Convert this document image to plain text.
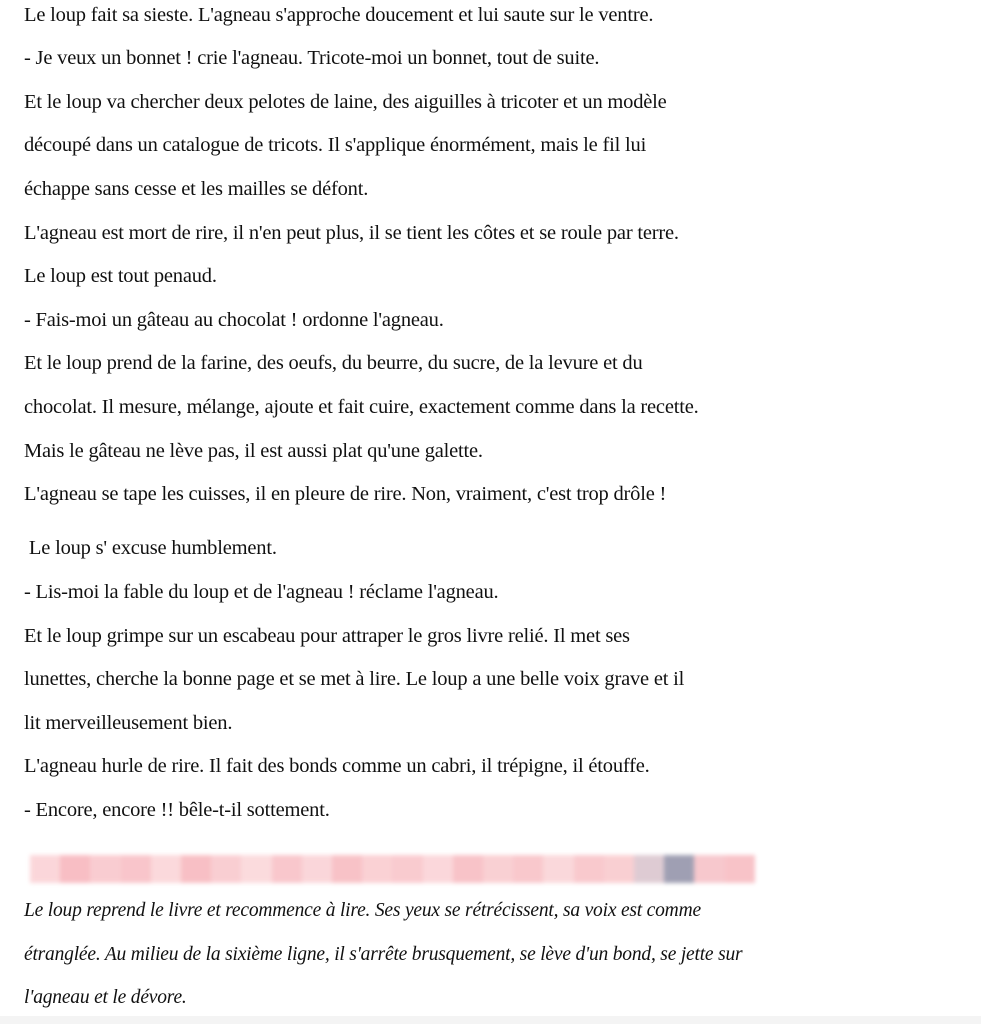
Le loup fait sa sieste. L'agneau s'approche doucement et lui saute sur le ventre.
- Je veux un bonnet ! crie l'agneau. Tricote-moi un bonnet, tout de suite.
Et le loup va chercher deux pelotes de laine, des aiguilles à tricoter et un modèle
découpé dans un catalogue de tricots. Il s'applique énormément, mais le fil lui
échappe sans cesse et les mailles se défont.
L'agneau est mort de rire, il n'en peut plus, il se tient les côtes et se roule par terre.
Le loup est tout penaud.
- Fais-moi un gâteau au chocolat ! ordonne l'agneau.
Et le loup prend de la farine, des oeufs, du beurre, du sucre, de la levure et du
chocolat. Il mesure, mélange, ajoute et fait cuire, exactement comme dans la recette.
Mais le gâteau ne lève pas, il est aussi plat qu'une galette.
L'agneau se tape les cuisses, il en pleure de rire. Non, vraiment, c'est trop drôle !
Le loup s' excuse humblement.
- Lis-moi la fable du loup et de l'agneau ! réclame l'agneau.
Et le loup grimpe sur un escabeau pour attraper le gros livre relié. Il met ses
lunettes, cherche la bonne page et se met à lire. Le loup a une belle voix grave et il
lit merveilleusement bien.
L'agneau hurle de rire. Il fait des bonds comme un cabri, il trépigne, il étouffe.
- Encore, encore !! bêle-t-il sottement.
Le loup reprend le livre et recommence à lire. Ses yeux se rétrécissent, sa voix est comme
étranglée. Au milieu de la sixième ligne, il s'arrête brusquement, se lève d'un bond, se jette sur
l'agneau et le dévore.
